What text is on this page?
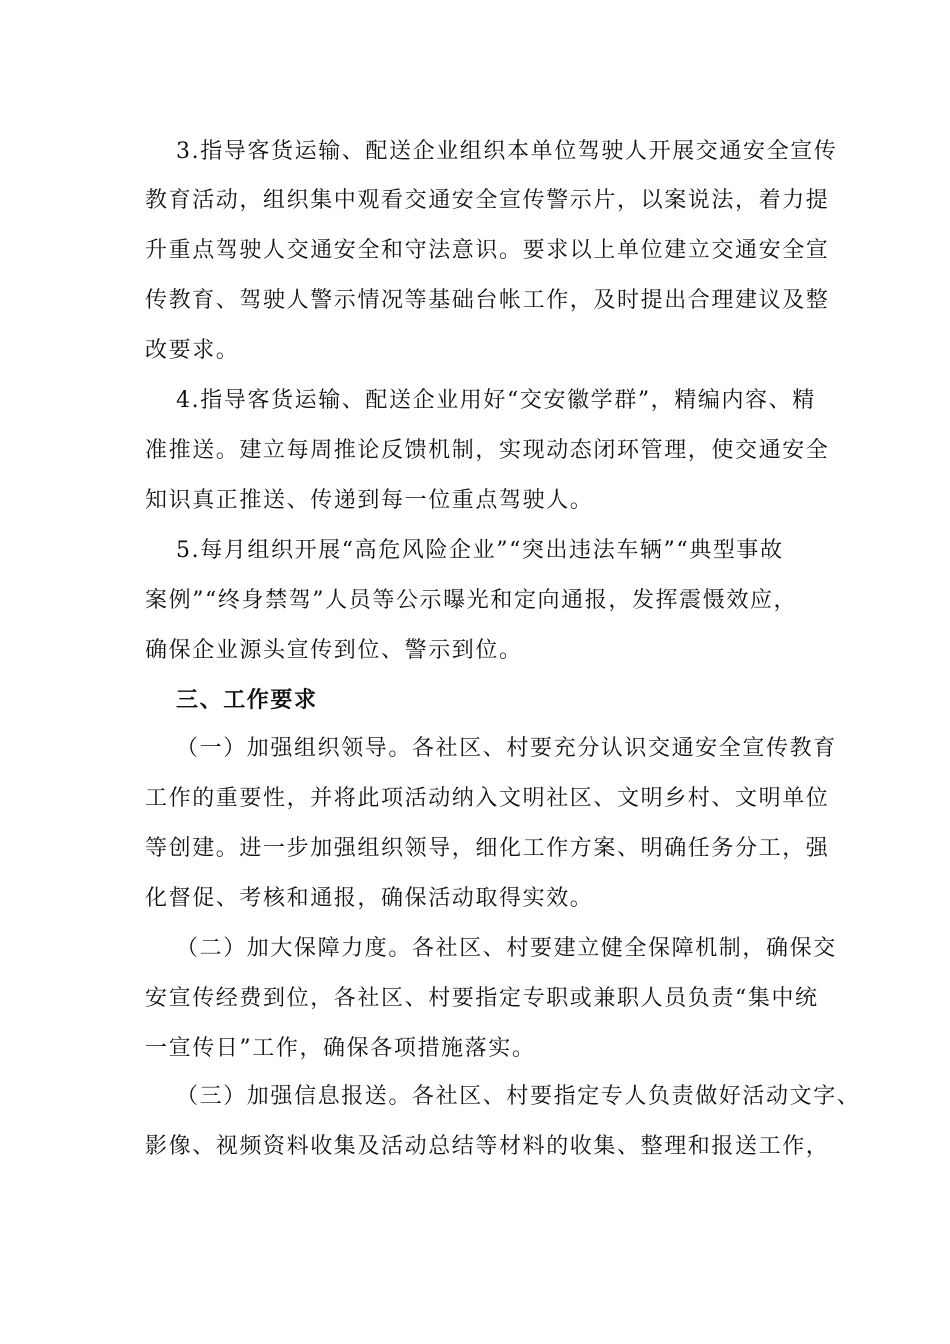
3.指导客货运输、配送企业组织本单位驾驶人开展交通安全宣传
教育活动，组织集中观看交通安全宣传警示片，以案说法，着力提
升重点驾驶人交通安全和守法意识。要求以上单位建立交通安全宣
传教育、驾驶人警示情况等基础台帐工作，及时提出合理建议及整
改要求。
4.指导客货运输、配送企业用好“交安徽学群”，精编内容、精
准推送。建立每周推论反馈机制，实现动态闭环管理，使交通安全
知识真正推送、传递到每一位重点驾驶人。
5.每月组织开展“高危风险企业”“突出违法车辆”“典型事故
案例”“终身禁驾”人员等公示曝光和定向通报，发挥震慑效应，
确保企业源头宣传到位、警示到位。
三、工作要求
（一）加强组织领导。各社区、村要充分认识交通安全宣传教育
工作的重要性，并将此项活动纳入文明社区、文明乡村、文明单位
等创建。进一步加强组织领导，细化工作方案、明确任务分工，强
化督促、考核和通报，确保活动取得实效。
（二）加大保障力度。各社区、村要建立健全保障机制，确保交
安宣传经费到位，各社区、村要指定专职或兼职人员负责“集中统
一宣传日”工作，确保各项措施落实。
（三）加强信息报送。各社区、村要指定专人负责做好活动文字、
影像、视频资料收集及活动总结等材料的收集、整理和报送工作，
